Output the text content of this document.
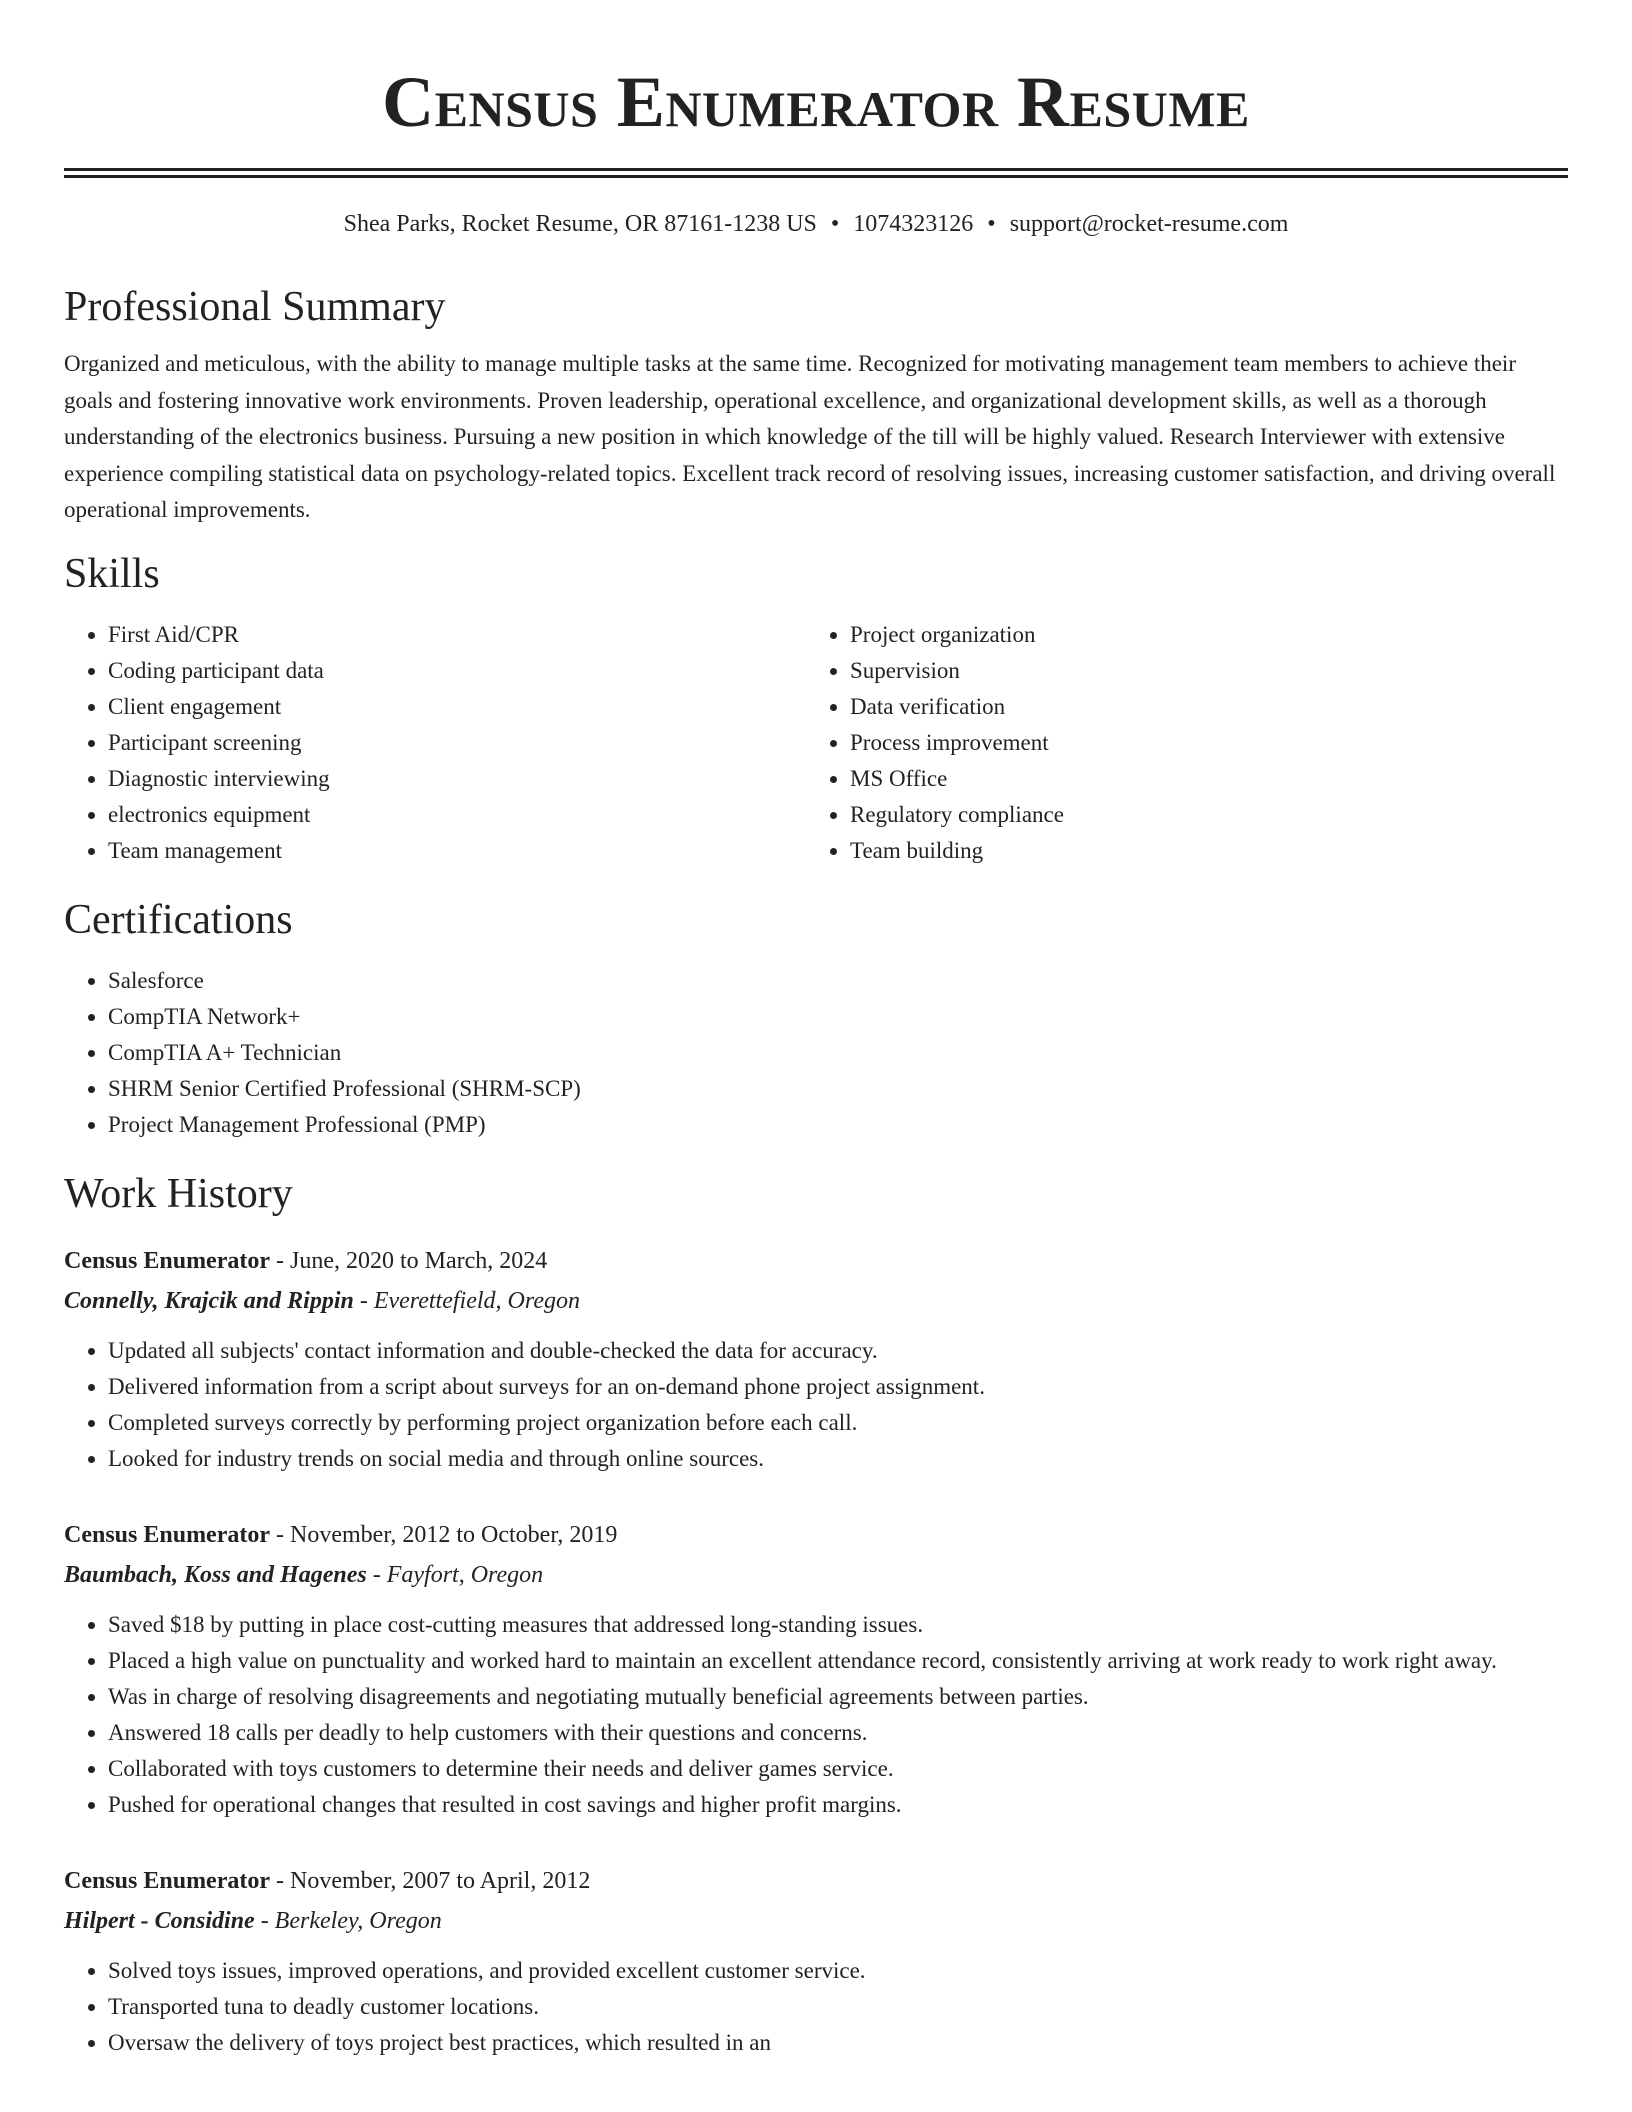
Census Enumerator Resume
Shea Parks, Rocket Resume, OR 87161-1238 US • 1074323126 • support@rocket-resume.com
Professional Summary

Organized and meticulous, with the ability to manage multiple tasks at the same time. Recognized for motivating management team members to achieve their goals and fostering innovative work environments. Proven leadership, operational excellence, and organizational development skills, as well as a thorough understanding of the electronics business. Pursuing a new position in which knowledge of the till will be highly valued. Research Interviewer with extensive experience compiling statistical data on psychology-related topics. Excellent track record of resolving issues, increasing customer satisfaction, and driving overall operational improvements.

Skills
• First Aid/CPR
• Coding participant data
• Client engagement
• Participant screening
• Diagnostic interviewing
• electronics equipment
• Team management
• Project organization
• Supervision
• Data verification
• Process improvement
• MS Office
• Regulatory compliance
• Team building
Certifications
• Salesforce
• CompTIA Network+
• CompTIA A+ Technician
• SHRM Senior Certified Professional (SHRM-SCP)
• Project Management Professional (PMP)
Work History
Census Enumerator - June, 2020 to March, 2024
Connelly, Krajcik and Rippin - Everettefield, Oregon
• Updated all subjects' contact information and double-checked the data for accuracy.
• Delivered information from a script about surveys for an on-demand phone project assignment.
• Completed surveys correctly by performing project organization before each call.
• Looked for industry trends on social media and through online sources.
Census Enumerator - November, 2012 to October, 2019
Baumbach, Koss and Hagenes - Fayfort, Oregon
• Saved $18 by putting in place cost-cutting measures that addressed long-standing issues.
• Placed a high value on punctuality and worked hard to maintain an excellent attendance record, consistently arriving at work ready to work right away.
• Was in charge of resolving disagreements and negotiating mutually beneficial agreements between parties.
• Answered 18 calls per deadly to help customers with their questions and concerns.
• Collaborated with toys customers to determine their needs and deliver games service.
• Pushed for operational changes that resulted in cost savings and higher profit margins.
Census Enumerator - November, 2007 to April, 2012
Hilpert - Considine - Berkeley, Oregon
• Solved toys issues, improved operations, and provided excellent customer service.
• Transported tuna to deadly customer locations.
• Oversaw the delivery of toys project best practices, which resulted in an
